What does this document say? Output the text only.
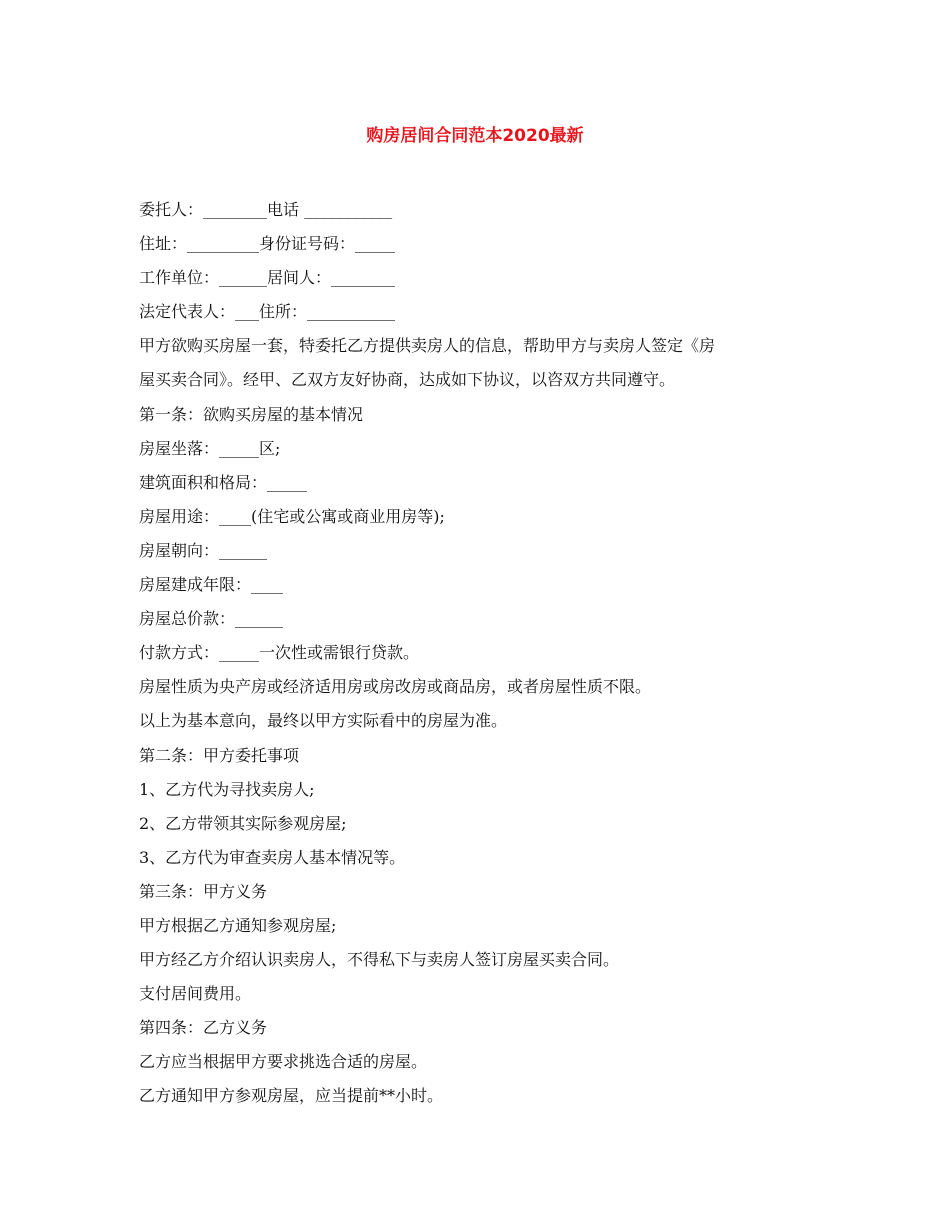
购房居间合同范本2020最新
委托人：________电话 ___________
住址：_________身份证号码：_____
工作单位：______居间人：________
法定代表人：___住所：___________
甲方欲购买房屋一套，特委托乙方提供卖房人的信息，帮助甲方与卖房人签定《房
屋买卖合同》。经甲、乙双方友好协商，达成如下协议，以咨双方共同遵守。
第一条：欲购买房屋的基本情况
房屋坐落：_____区;
建筑面积和格局：_____
房屋用途：____(住宅或公寓或商业用房等);
房屋朝向：______
房屋建成年限：____
房屋总价款：______
付款方式：_____一次性或需银行贷款。
房屋性质为央产房或经济适用房或房改房或商品房，或者房屋性质不限。
以上为基本意向，最终以甲方实际看中的房屋为准。
第二条：甲方委托事项
1、乙方代为寻找卖房人;
2、乙方带领其实际参观房屋;
3、乙方代为审查卖房人基本情况等。
第三条：甲方义务
甲方根据乙方通知参观房屋;
甲方经乙方介绍认识卖房人，不得私下与卖房人签订房屋买卖合同。
支付居间费用。
第四条：乙方义务
乙方应当根据甲方要求挑选合适的房屋。
乙方通知甲方参观房屋，应当提前**小时。
